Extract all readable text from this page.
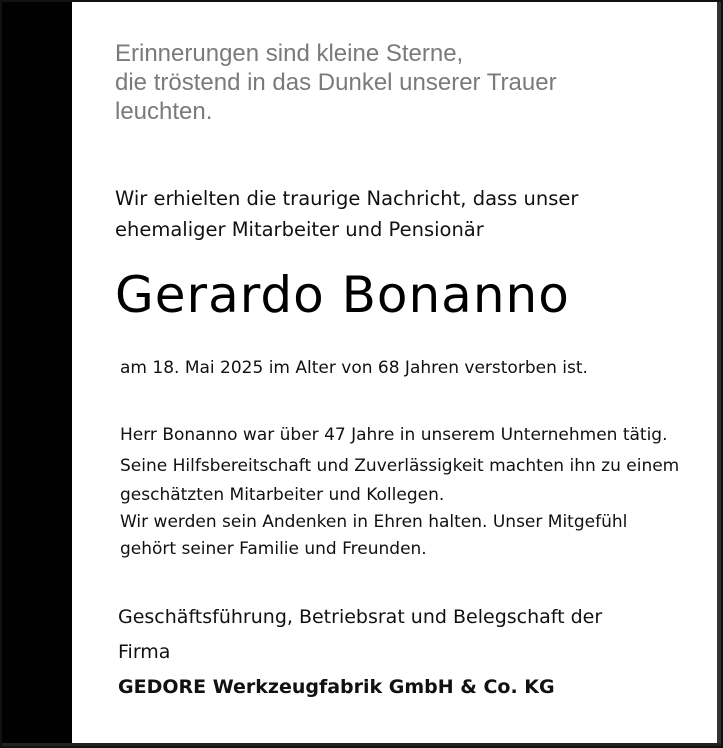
Erinnerungen sind kleine Sterne,
die tröstend in das Dunkel unserer Trauer
leuchten.
Wir erhielten die traurige Nachricht, dass unser
ehemaliger Mitarbeiter und Pensionär
Gerardo Bonanno
am 18. Mai 2025 im Alter von 68 Jahren verstorben ist.
Herr Bonanno war über 47 Jahre in unserem Unternehmen tätig.
Seine Hilfsbereitschaft und Zuverlässigkeit machten ihn zu einem
geschätzten Mitarbeiter und Kollegen.
Wir werden sein Andenken in Ehren halten. Unser Mitgefühl
gehört seiner Familie und Freunden.
Geschäftsführung, Betriebsrat und Belegschaft der
Firma
GEDORE Werkzeugfabrik GmbH & Co. KG
